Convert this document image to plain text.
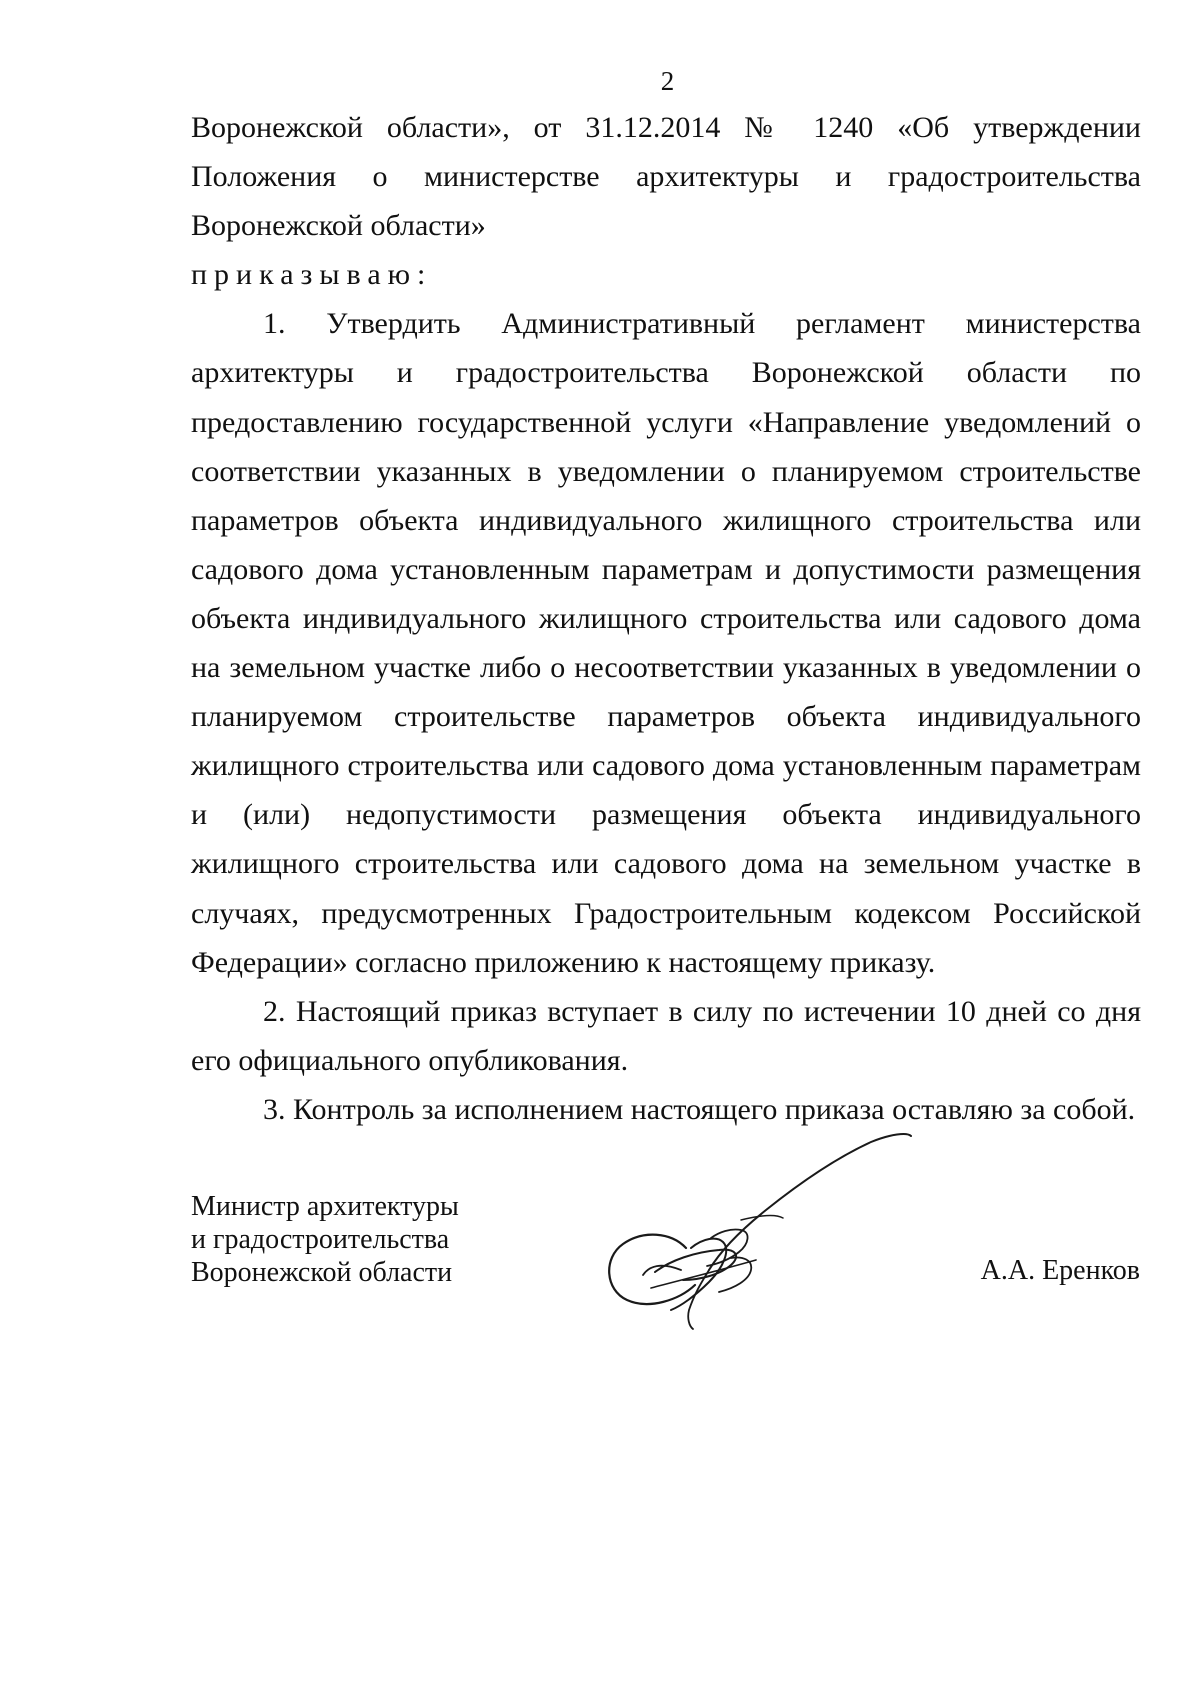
2

Воронежской области», от 31.12.2014 № 1240 «Об утверждении Положения о министерстве архитектуры и градостроительства Воронежской области»

приказываю:

1. Утвердить Административный регламент министерства архитектуры и градостроительства Воронежской области по предоставлению государственной услуги «Направление уведомлений о соответствии указанных в уведомлении о планируемом строительстве параметров объекта индивидуального жилищного строительства или садового дома установленным параметрам и допустимости размещения объекта индивидуального жилищного строительства или садового дома на земельном участке либо о несоответствии указанных в уведомлении о планируемом строительстве параметров объекта индивидуального жилищного строительства или садового дома установленным параметрам и (или) недопустимости размещения объекта индивидуального жилищного строительства или садового дома на земельном участке в случаях, предусмотренных Градостроительным кодексом Российской Федерации» согласно приложению к настоящему приказу.

2. Настоящий приказ вступает в силу по истечении 10 дней со дня его официального опубликования.

3. Контроль за исполнением настоящего приказа оставляю за собой.

Министр архитектуры
и градостроительства
Воронежской области	А.А. Еренков
